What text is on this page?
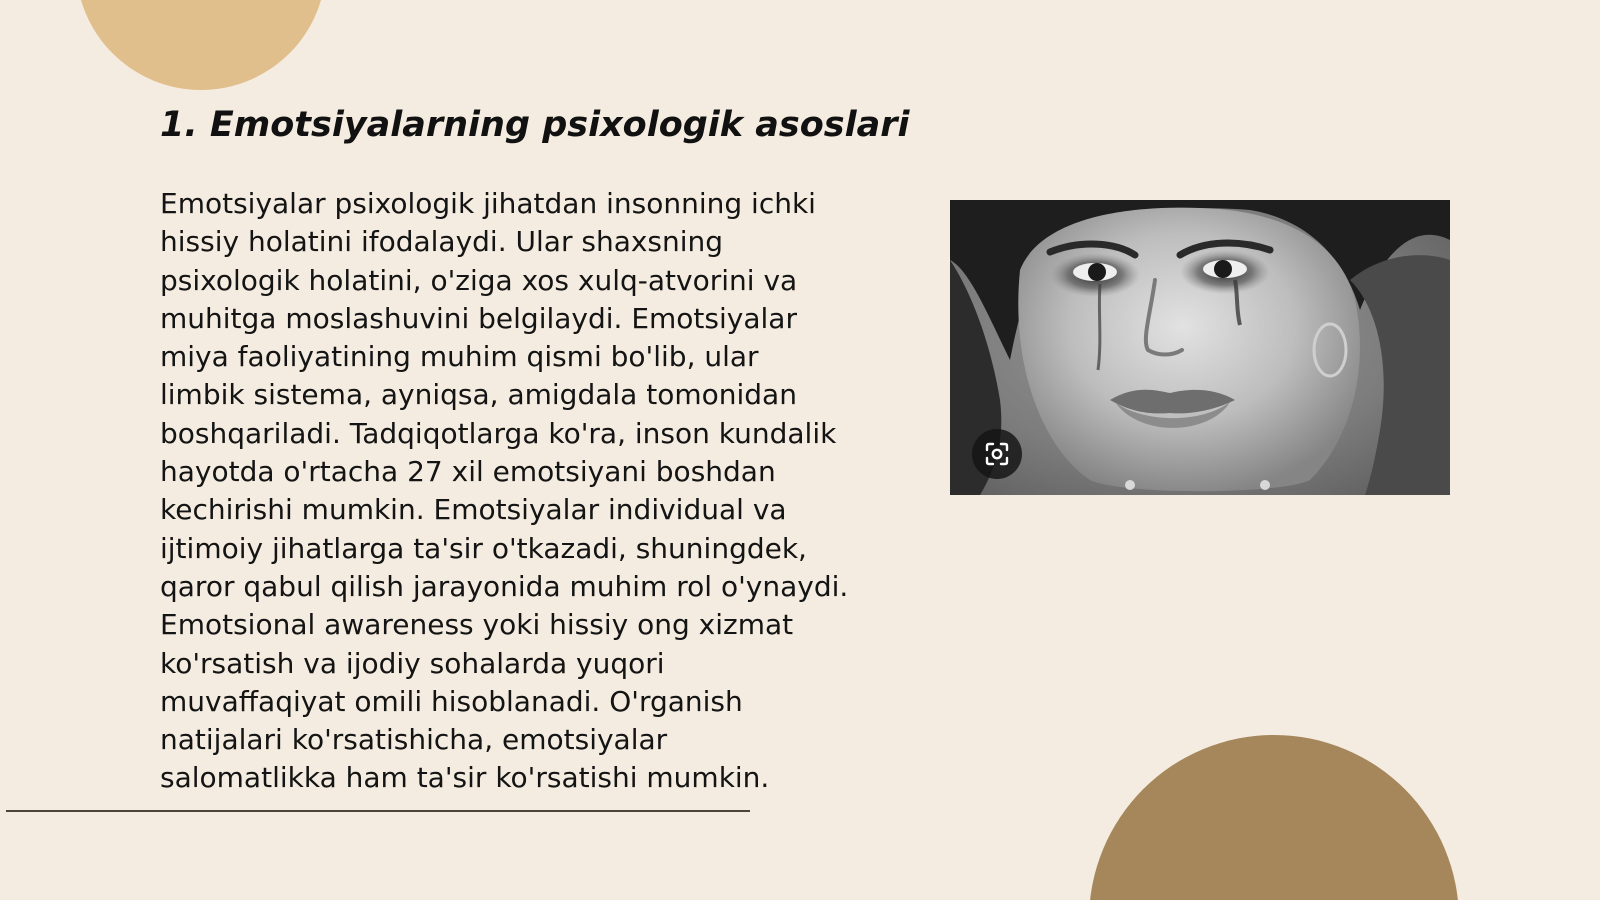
1. Emotsiyalarning psixologik asoslari

Emotsiyalar psixologik jihatdan insonning ichki hissiy holatini ifodalaydi. Ular shaxsning psixologik holatini, o'ziga xos xulq-atvorini va muhitga moslashuvini belgilaydi. Emotsiyalar miya faoliyatining muhim qismi bo'lib, ular limbik sistema, ayniqsa, amigdala tomonidan boshqariladi. Tadqiqotlarga ko'ra, inson kundalik hayotda o'rtacha 27 xil emotsiyani boshdan kechirishi mumkin. Emotsiyalar individual va ijtimoiy jihatlarga ta'sir o'tkazadi, shuningdek, qaror qabul qilish jarayonida muhim rol o'ynaydi. Emotsional awareness yoki hissiy ong xizmat ko'rsatish va ijodiy sohalarda yuqori muvaffaqiyat omili hisoblanadi. O'rganish natijalari ko'rsatishicha, emotsiyalar salomatlikka ham ta'sir ko'rsatishi mumkin.
